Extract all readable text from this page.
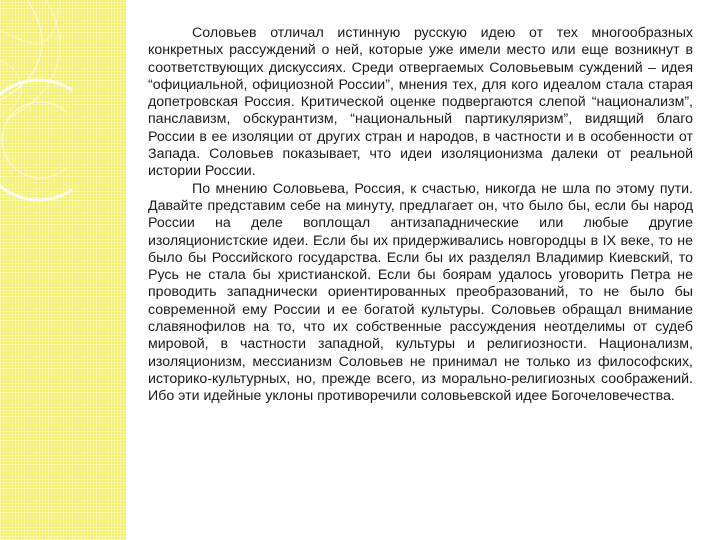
Соловьев отличал истинную русскую идею от тех многообразных конкретных рассуждений о ней, которые уже имели место или еще возникнут в соответствующих дискуссиях. Среди отвергаемых Соловьевым суждений – идея “официальной, официозной России”, мнения тех, для кого идеалом стала старая допетровская Россия. Критической оценке подвергаются слепой “национализм”, панславизм, обскурантизм, “национальный партикуляризм”, видящий благо России в ее изоляции от других стран и народов, в частности и в особенности от Запада. Соловьев показывает, что идеи изоляционизма далеки от реальной истории России.

По мнению Соловьева, Россия, к счастью, никогда не шла по этому пути. Давайте представим себе на минуту, предлагает он, что было бы, если бы народ России на деле воплощал антизападнические или любые другие изоляционистские идеи. Если бы их придерживались новгородцы в IX веке, то не было бы Российского государства. Если бы их разделял Владимир Киевский, то Русь не стала бы христианской. Если бы боярам удалось уговорить Петра не проводить западнически ориентированных преобразований, то не было бы современной ему России и ее богатой культуры. Соловьев обращал внимание славянофилов на то, что их собственные рассуждения неотделимы от судеб мировой, в частности западной, культуры и религиозности. Национализм, изоляционизм, мессианизм Соловьев не принимал не только из философских, историко-культурных, но, прежде всего, из морально-религиозных соображений. Ибо эти идейные уклоны противоречили соловьевской идее Богочеловечества.
